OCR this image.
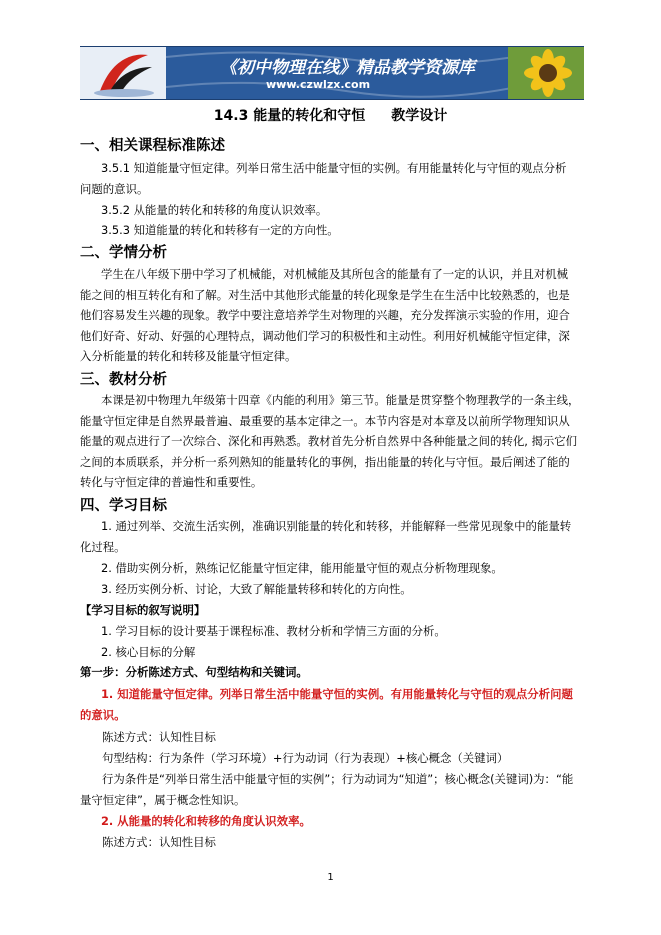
《初中物理在线》精品教学资源库
www.czwlzx.com
14.3 能量的转化和守恒 教学设计
一、相关课程标准陈述
3.5.1 知道能量守恒定律。列举日常生活中能量守恒的实例。有用能量转化与守恒的观点分析
问题的意识。
3.5.2 从能量的转化和转移的角度认识效率。
3.5.3 知道能量的转化和转移有一定的方向性。
二、学情分析
学生在八年级下册中学习了机械能，对机械能及其所包含的能量有了一定的认识，并且对机械
能之间的相互转化有和了解。对生活中其他形式能量的转化现象是学生在生活中比较熟悉的，也是
他们容易发生兴趣的现象。教学中要注意培养学生对物理的兴趣，充分发挥演示实验的作用，迎合
他们好奇、好动、好强的心理特点，调动他们学习的积极性和主动性。利用好机械能守恒定律，深
入分析能量的转化和转移及能量守恒定律。
三、教材分析
本课是初中物理九年级第十四章《内能的利用》第三节。能量是贯穿整个物理教学的一条主线，
能量守恒定律是自然界最普遍、最重要的基本定律之一。本节内容是对本章及以前所学物理知识从
能量的观点进行了一次综合、深化和再熟悉。教材首先分析自然界中各种能量之间的转化, 揭示它们
之间的本质联系，并分析一系列熟知的能量转化的事例，指出能量的转化与守恒。最后阐述了能的
转化与守恒定律的普遍性和重要性。
四、学习目标
1. 通过列举、交流生活实例，准确识别能量的转化和转移，并能解释一些常见现象中的能量转
化过程。
2. 借助实例分析，熟练记忆能量守恒定律，能用能量守恒的观点分析物理现象。
3. 经历实例分析、讨论，大致了解能量转移和转化的方向性。
【学习目标的叙写说明】
1. 学习目标的设计要基于课程标准、教材分析和学情三方面的分析。
2. 核心目标的分解
第一步：分析陈述方式、句型结构和关键词。
1. 知道能量守恒定律。列举日常生活中能量守恒的实例。有用能量转化与守恒的观点分析问题
的意识。
陈述方式：认知性目标
句型结构：行为条件（学习环境）+行为动词（行为表现）+核心概念（关键词）
行为条件是“列举日常生活中能量守恒的实例”；行为动词为“知道”；核心概念(关键词)为：“能
量守恒定律”，属于概念性知识。
2. 从能量的转化和转移的角度认识效率。
陈述方式：认知性目标
1
